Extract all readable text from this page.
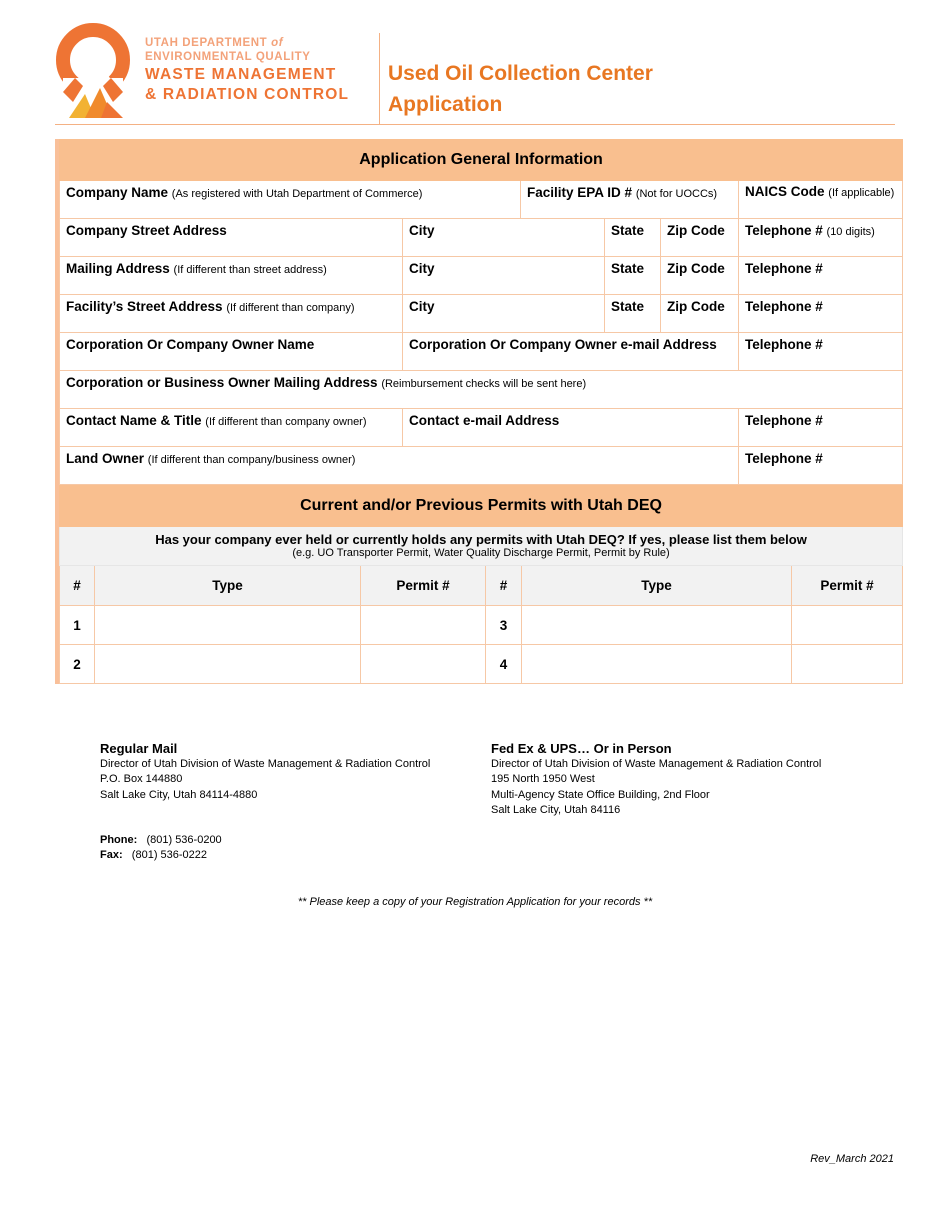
UTAH DEPARTMENT of
ENVIRONMENTAL QUALITY
WASTE MANAGEMENT
& RADIATION CONTROL
Used Oil Collection Center
Application
Application General Information					

Company Name (As registered with Utah Department of Commerce)		Facility EPA ID # (Not for UOCCs)			NAICS Code (If applicable)

Company Street Address	City		State	Zip Code	Telephone # (10 digits)

Mailing Address (If different than street address)	City		State	Zip Code	Telephone #

Facility’s Street Address (If different than company)	City		State	Zip Code	Telephone #

Corporation Or Company Owner Name	Corporation Or Company Owner e-mail Address				Telephone #

Corporation or Business Owner Mailing Address (Reimbursement checks will be sent here)					

Contact Name & Title (If different than company owner)	Contact e-mail Address				Telephone #

Land Owner (If different than company/business owner)					Telephone #
Current and/or Previous Permits with Utah DEQ					

Has your company ever held or currently holds any permits with Utah DEQ? If yes, please list them below
(e.g. UO Transporter Permit, Water Quality Discharge Permit, Permit by Rule)					

#	Type	Permit #	#	Type	Permit #
1			3		
2			4		
Regular Mail
Director of Utah Division of Waste Management & Radiation Control
P.O. Box 144880
Salt Lake City, Utah 84114-4880
Phone: (801) 536-0200
Fax: (801) 536-0222
Fed Ex & UPS… Or in Person
Director of Utah Division of Waste Management & Radiation Control
195 North 1950 West
Multi-Agency State Office Building, 2nd Floor
Salt Lake City, Utah 84116
** Please keep a copy of your Registration Application for your records **
Rev_March 2021
